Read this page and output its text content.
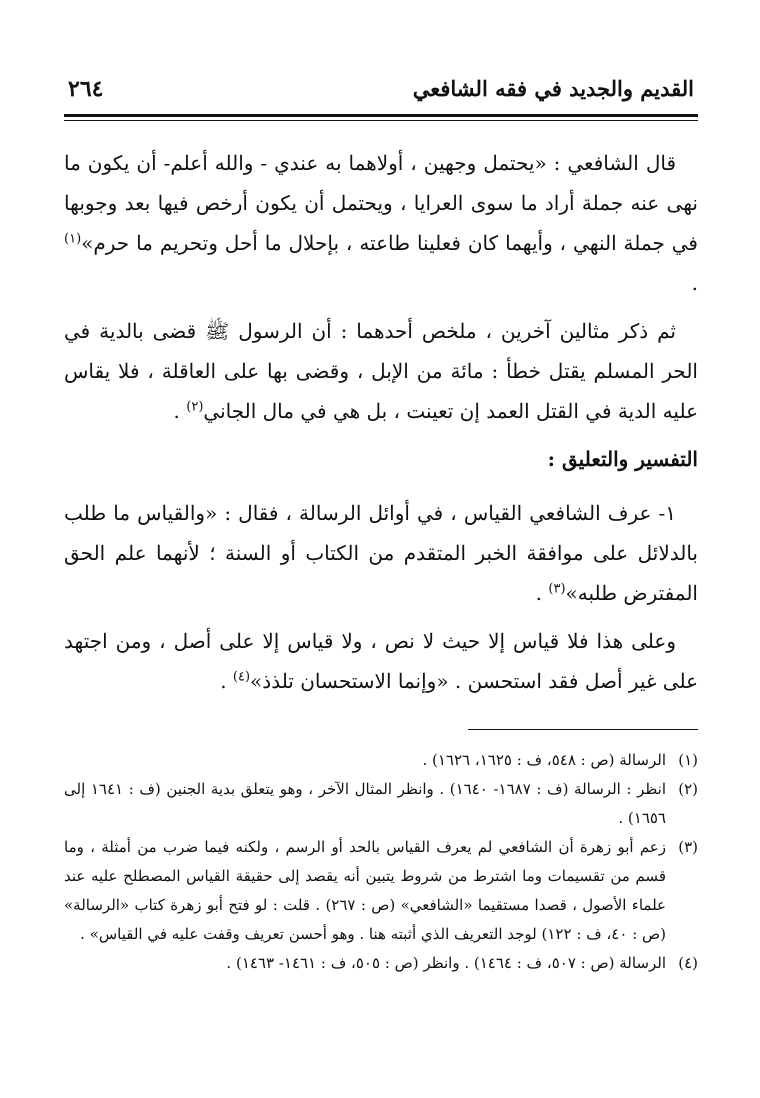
القديم والجديد في فقه الشافعي
٢٦٤

قال الشافعي : «يحتمل وجهين ، أولاهما به عندي - والله أعلم- أن يكون ما نهى عنه جملة أراد ما سوى العرايا ، ويحتمل أن يكون أرخص فيها بعد وجوبها في جملة النهي ، وأيهما كان فعلينا طاعته ، بإحلال ما أحل وتحريم ما حرم»$^{(١)}$ .

ثم ذكر مثالين آخرين ، ملخص أحدهما : أن الرسول ﷺ قضى بالدية في الحر المسلم يقتل خطأ : مائة من الإبل ، وقضى بها على العاقلة ، فلا يقاس عليه الدية في القتل العمد إن تعينت ، بل هي في مال الجاني$^{(٢)}$ .

التفسير والتعليق :

١- عرف الشافعي القياس ، في أوائل الرسالة ، فقال : «والقياس ما طلب بالدلائل على موافقة الخبر المتقدم من الكتاب أو السنة ؛ لأنهما علم الحق المفترض طلبه»$^{(٣)}$ .

وعلى هذا فلا قياس إلا حيث لا نص ، ولا قياس إلا على أصل ، ومن اجتهد على غير أصل فقد استحسن . «وإنما الاستحسان تلذذ»$^{(٤)}$ .

(١)
الرسالة (ص : ٥٤٨، ف : ١٦٢٥، ١٦٢٦) .
(٢)
انظر : الرسالة (ف : ١٦٨٧- ١٦٤٠) . وانظر المثال الآخر ، وهو يتعلق بدية الجنين (ف : ١٦٤١ إلى ١٦٥٦) .
(٣)
زعم أبو زهرة أن الشافعي لم يعرف القياس بالحد أو الرسم ، ولكنه فيما ضرب من أمثلة ، وما قسم من تقسيمات وما اشترط من شروط يتبين أنه يقصد إلى حقيقة القياس المصطلح عليه عند علماء الأصول ، قصدا مستقيما «الشافعي» (ص : ٢٦٧) . قلت : لو فتح أبو زهرة كتاب «الرسالة» (ص : ٤٠، ف : ١٢٢) لوجد التعريف الذي أثبته هنا . وهو أحسن تعريف وقفت عليه في القياس» .
(٤)
الرسالة (ص : ٥٠٧، ف : ١٤٦٤) . وانظر (ص : ٥٠٥، ف : ١٤٦١- ١٤٦٣) .
